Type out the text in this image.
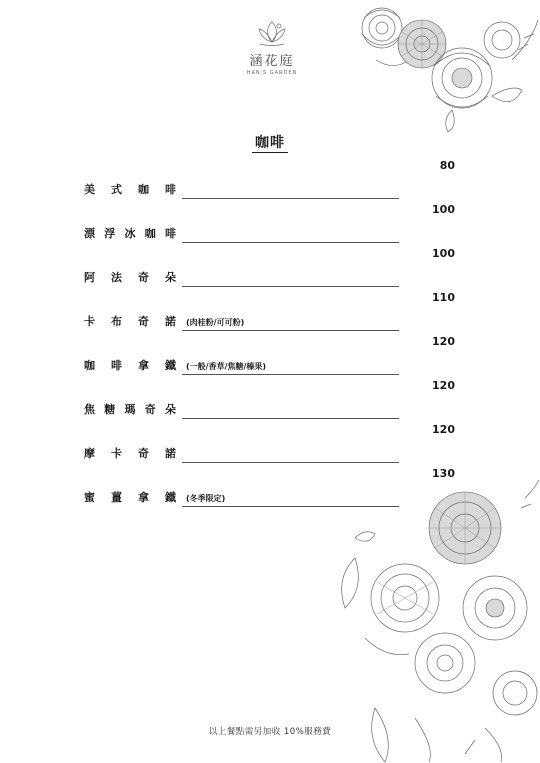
涵花庭
HAN'S GARDEN
咖啡
美 式 咖 啡
80
漂 浮 冰 咖 啡
100
阿 法 奇 朵
100
卡 布 奇 諾 (肉桂粉/可可粉)
110
咖 啡 拿 鐵 (一般/香草/焦糖/榛果)
120
焦 糖 瑪 奇 朵
120
摩 卡 奇 諾
120
蜜 薑 拿 鐵 (冬季限定)
130
以上餐點需另加收 10%服務費
